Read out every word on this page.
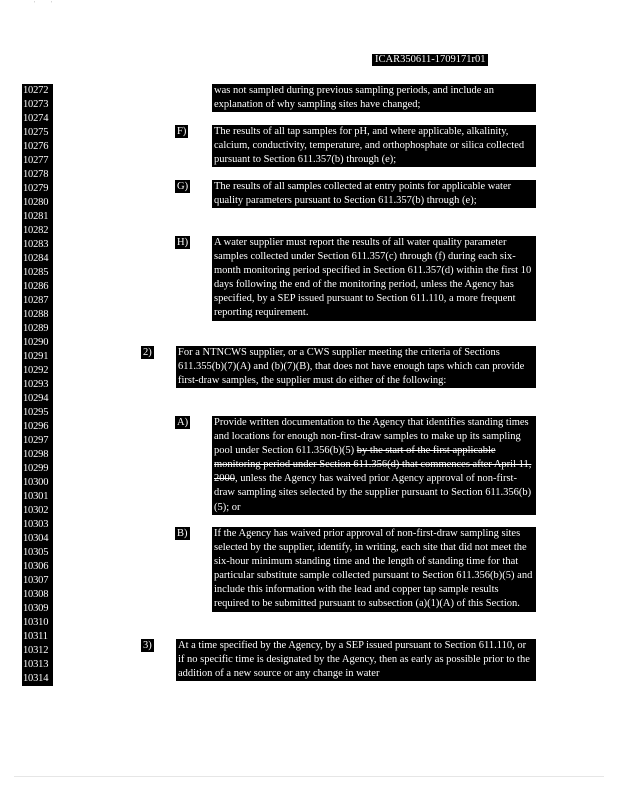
'         '
ICAR350611-1709171r01
10272
10273
10274
10275
10276
10277
10278
10279
10280
10281
10282
10283
10284
10285
10286
10287
10288
10289
10290
10291
10292
10293
10294
10295
10296
10297
10298
10299
10300
10301
10302
10303
10304
10305
10306
10307
10308
10309
10310
10311
10312
10313
10314
was not sampled during previous sampling periods, and include an explanation of why sampling sites have changed;
F)	The results of all tap samples for pH, and where applicable, alkalinity, calcium, conductivity, temperature, and orthophosphate or silica collected pursuant to Section 611.357(b) through (e);
G) The results of all samples collected at entry points for applicable water quality parameters pursuant to Section 611.357(b) through (e);
H) A water supplier must report the results of all water quality parameter samples collected under Section 611.357(c) through (f) during each six-month monitoring period specified in Section 611.357(d) within the first 10 days following the end of the monitoring period, unless the Agency has specified, by a SEP issued pursuant to Section 611.110, a more frequent reporting requirement.
2)	For a NTNCWS supplier, or a CWS supplier meeting the criteria of Sections 611.355(b)(7)(A) and (b)(7)(B), that does not have enough taps which can provide first-draw samples, the supplier must do either of the following:
A) Provide written documentation to the Agency that identifies standing times and locations for enough non-first-draw samples to make up its sampling pool under Section 611.356(b)(5) by the start of the first applicable monitoring period under Section 611.356(d) that commences after April 11, 2000, unless the Agency has waived prior Agency approval of non-first-draw sampling sites selected by the supplier pursuant to Section 611.356(b)(5); or
B)	If the Agency has waived prior approval of non-first-draw sampling sites selected by the supplier, identify, in writing, each site that did not meet the six-hour minimum standing time and the length of standing time for that particular substitute sample collected pursuant to Section 611.356(b)(5) and include this information with the lead and copper tap sample results required to be submitted pursuant to subsection (a)(1)(A) of this Section.
3)	At a time specified by the Agency, by a SEP issued pursuant to Section 611.110, or if no specific time is designated by the Agency, then as early as possible prior to the addition of a new source or any change in water
